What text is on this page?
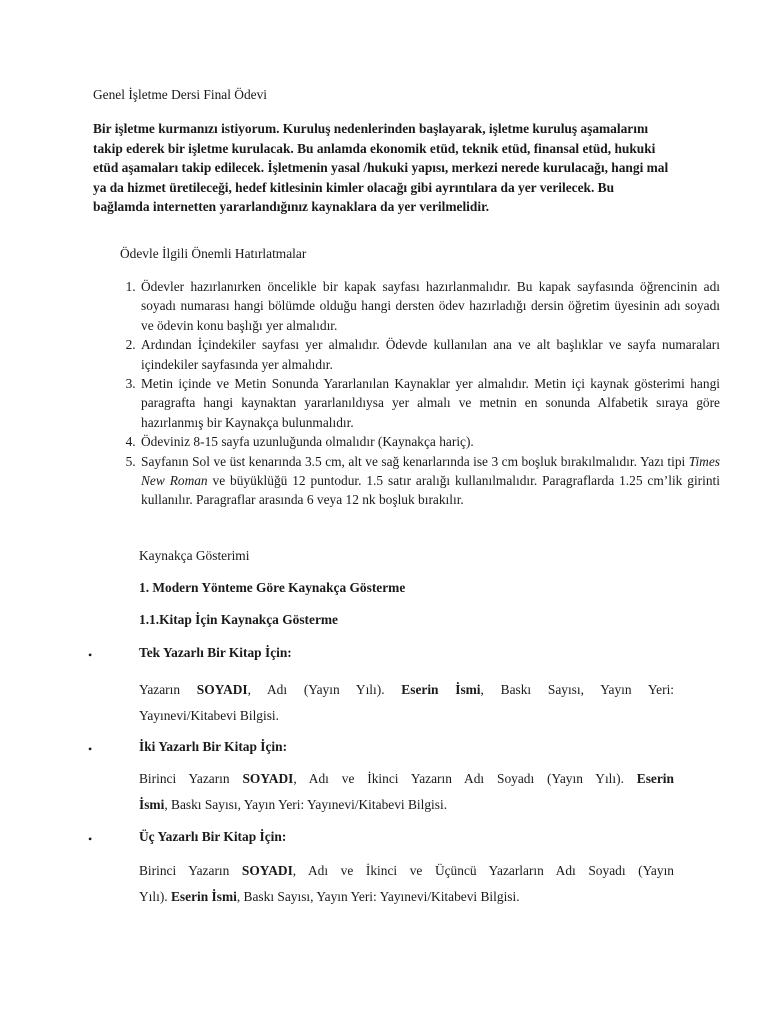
Genel İşletme Dersi Final Ödevi
Bir işletme kurmanızı istiyorum. Kuruluş nedenlerinden başlayarak, işletme kuruluş aşamalarını takip ederek bir işletme kurulacak. Bu anlamda ekonomik etüd, teknik etüd, finansal etüd, hukuki etüd aşamaları takip edilecek. İşletmenin yasal /hukuki yapısı, merkezi nerede kurulacağı, hangi mal ya da hizmet üretileceği, hedef kitlesinin kimler olacağı gibi ayrıntılara da yer verilecek. Bu bağlamda internetten yararlandığınız kaynaklara da yer verilmelidir.
Ödevle İlgili Önemli Hatırlatmalar
1. Ödevler hazırlanırken öncelikle bir kapak sayfası hazırlanmalıdır. Bu kapak sayfasında öğrencinin adı soyadı numarası hangi bölümde olduğu hangi dersten ödev hazırladığı dersin öğretim üyesinin adı soyadı ve ödevin konu başlığı yer almalıdır.
2. Ardından İçindekiler sayfası yer almalıdır. Ödevde kullanılan ana ve alt başlıklar ve sayfa numaraları içindekiler sayfasında yer almalıdır.
3. Metin içinde ve Metin Sonunda Yararlanılan Kaynaklar yer almalıdır. Metin içi kaynak gösterimi hangi paragrafta hangi kaynaktan yararlanıldıysa yer almalı ve metnin en sonunda Alfabetik sıraya göre hazırlanmış bir Kaynakça bulunmalıdır.
4. Ödeviniz 8-15 sayfa uzunluğunda olmalıdır (Kaynakça hariç).
5. Sayfanın Sol ve üst kenarında 3.5 cm, alt ve sağ kenarlarında ise 3 cm boşluk bırakılmalıdır. Yazı tipi Times New Roman ve büyüklüğü 12 puntodur. 1.5 satır aralığı kullanılmalıdır. Paragraflarda 1.25 cm’lik girinti kullanılır. Paragraflar arasında 6 veya 12 nk boşluk bırakılır.
Kaynakça Gösterimi
1. Modern Yönteme Göre Kaynakça Gösterme
1.1.Kitap İçin Kaynakça Gösterme
•	Tek Yazarlı Bir Kitap İçin:
Yazarın SOYADI, Adı (Yayın Yılı). Eserin İsmi, Baskı Sayısı, Yayın Yeri:
Yayınevi/Kitabevi Bilgisi.
•	İki Yazarlı Bir Kitap İçin:
Birinci Yazarın SOYADI, Adı ve İkinci Yazarın Adı Soyadı (Yayın Yılı). Eserin
İsmi, Baskı Sayısı, Yayın Yeri: Yayınevi/Kitabevi Bilgisi.
•	Üç Yazarlı Bir Kitap İçin:
Birinci Yazarın SOYADI, Adı ve İkinci ve Üçüncü Yazarların Adı Soyadı (Yayın
Yılı). Eserin İsmi, Baskı Sayısı, Yayın Yeri: Yayınevi/Kitabevi Bilgisi.
